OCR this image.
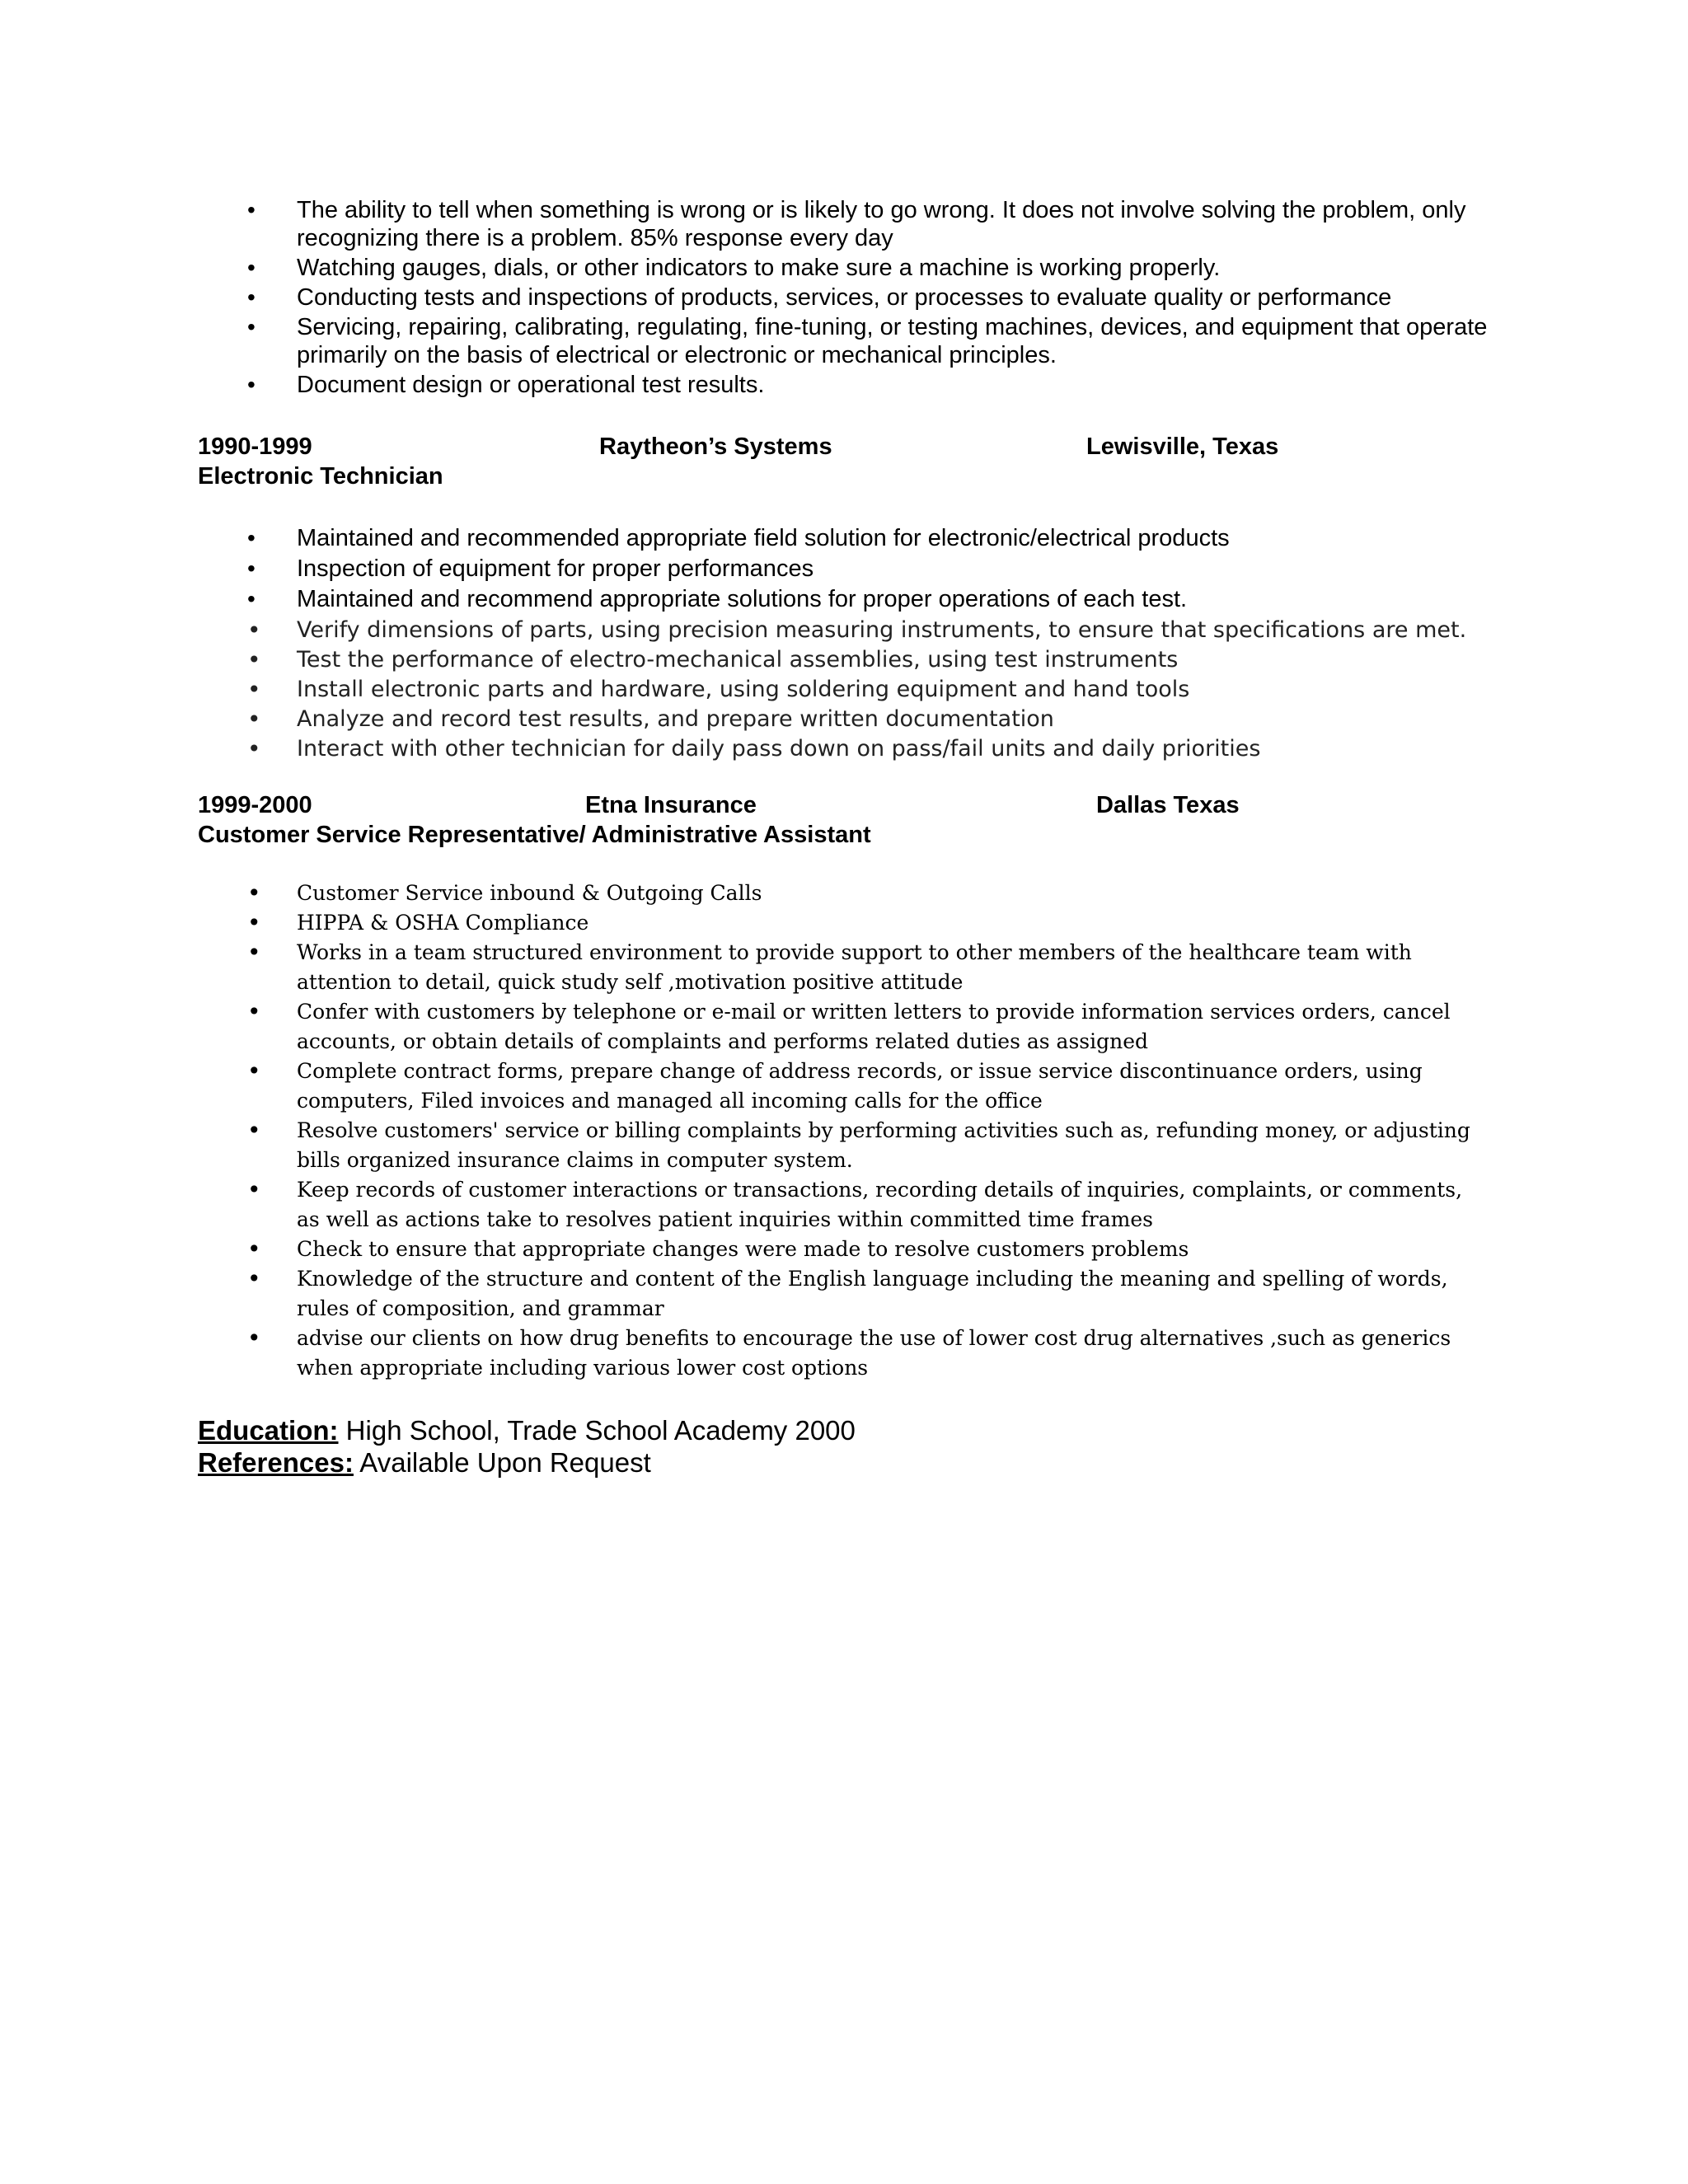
• The ability to tell when something is wrong or is likely to go wrong. It does not involve solving the problem, only recognizing there is a problem. 85% response every day
• Watching gauges, dials, or other indicators to make sure a machine is working properly.
• Conducting tests and inspections of products, services, or processes to evaluate quality or performance
• Servicing, repairing, calibrating, regulating, fine-tuning, or testing machines, devices, and equipment that operate primarily on the basis of electrical or electronic or mechanical principles.
• Document design or operational test results.
1990-1999	Raytheon’s Systems	Lewisville, Texas
Electronic Technician
• Maintained and recommended appropriate field solution for electronic/electrical products
• Inspection of equipment for proper performances
• Maintained and recommend appropriate solutions for proper operations of each test.
• Verify dimensions of parts, using precision measuring instruments, to ensure that specifications are met.
• Test the performance of electro-mechanical assemblies, using test instruments
• Install electronic parts and hardware, using soldering equipment and hand tools
• Analyze and record test results, and prepare written documentation
• Interact with other technician for daily pass down on pass/fail units and daily priorities
1999-2000	Etna Insurance	Dallas Texas
Customer Service Representative/ Administrative Assistant
• Customer Service inbound & Outgoing Calls
• HIPPA & OSHA Compliance
• Works in a team structured environment to provide support to other members of the healthcare team with attention to detail, quick study self ,motivation positive attitude
• Confer with customers by telephone or e-mail or written letters to provide information services orders, cancel accounts, or obtain details of complaints and performs related duties as assigned
• Complete contract forms, prepare change of address records, or issue service discontinuance orders, using computers, Filed invoices and managed all incoming calls for the office
• Resolve customers' service or billing complaints by performing activities such as, refunding money, or adjusting bills organized insurance claims in computer system.
• Keep records of customer interactions or transactions, recording details of inquiries, complaints, or comments, as well as actions take to resolves patient inquiries within committed time frames
• Check to ensure that appropriate changes were made to resolve customers problems
• Knowledge of the structure and content of the English language including the meaning and spelling of words, rules of composition, and grammar
• advise our clients on how drug benefits to encourage the use of lower cost drug alternatives ,such as generics when appropriate including various lower cost options
Education: High School, Trade School Academy 2000
References: Available Upon Request
